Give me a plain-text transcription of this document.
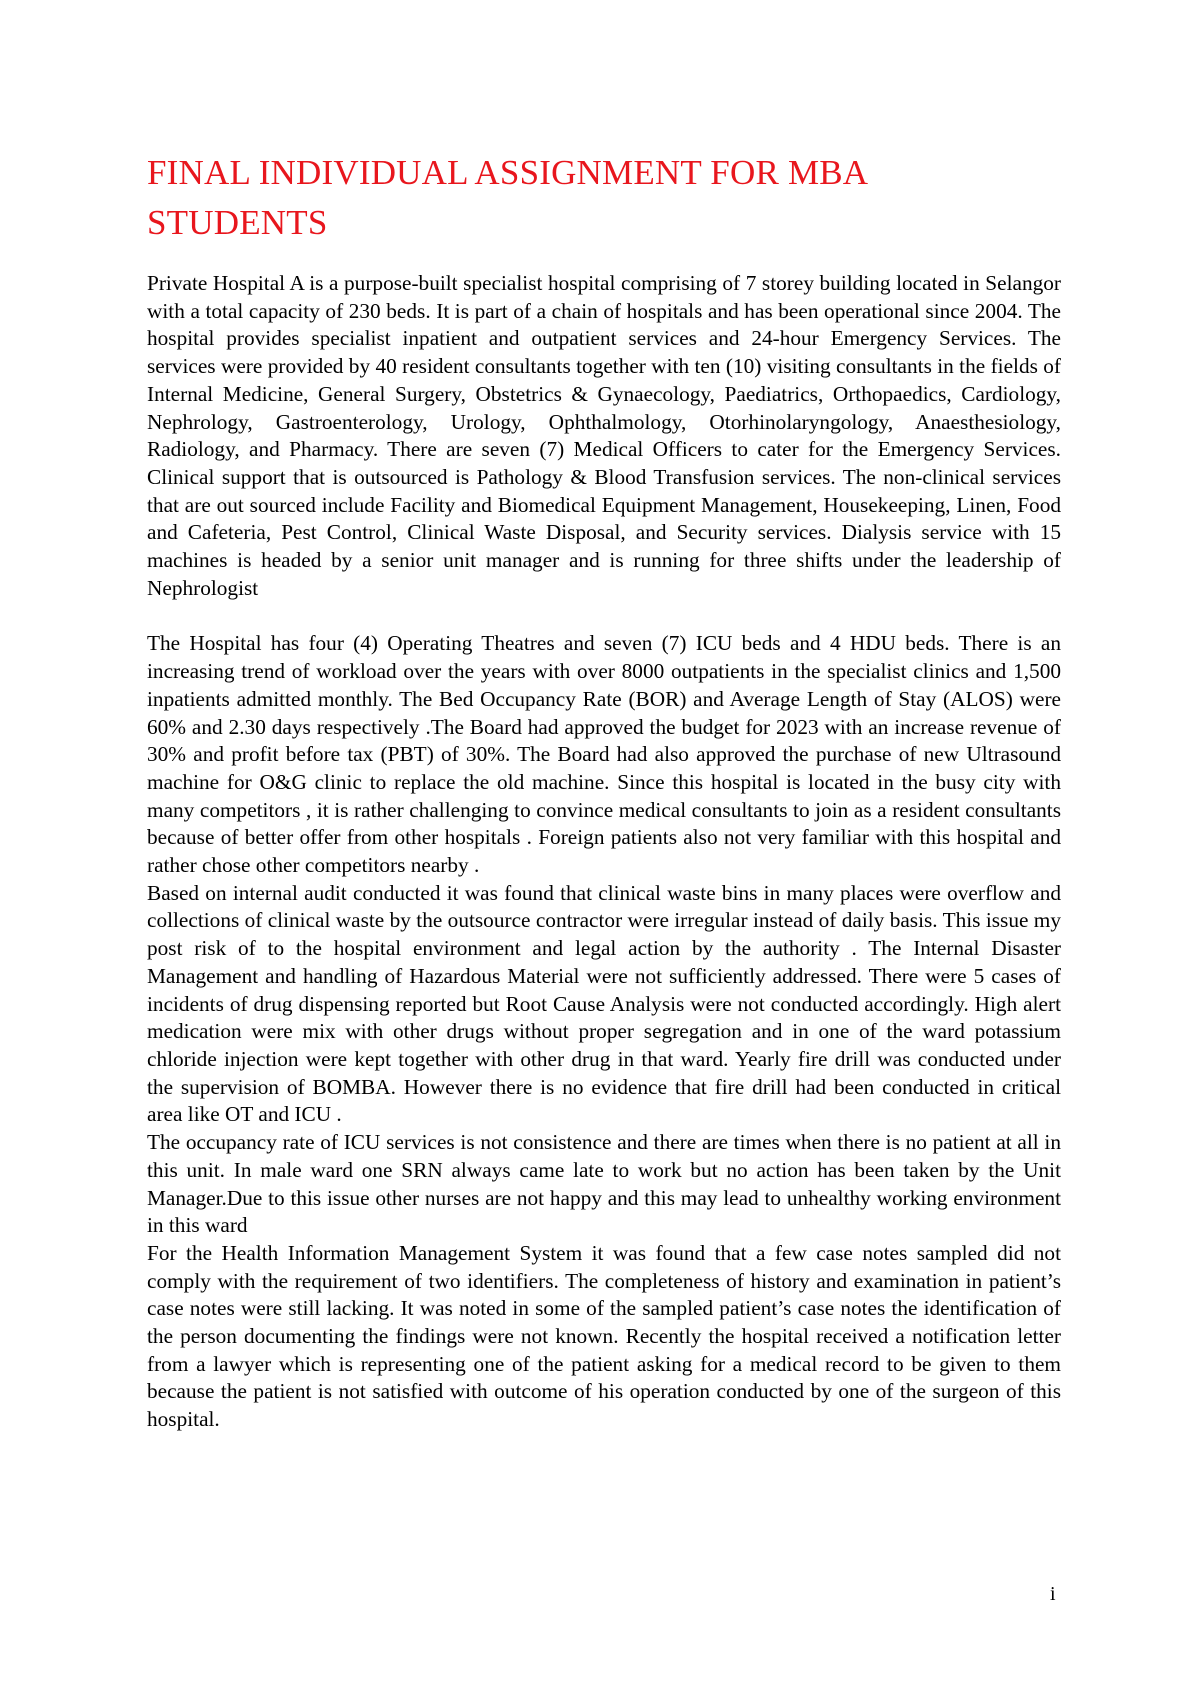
FINAL INDIVIDUAL ASSIGNMENT FOR MBA STUDENTS

Private Hospital A is a purpose-built specialist hospital comprising of 7 storey building located in Selangor with a total capacity of 230 beds. It is part of a chain of hospitals and has been operational since 2004. The hospital provides specialist inpatient and outpatient services and 24-hour Emergency Services. The services were provided by 40 resident consultants together with ten (10) visiting consultants in the fields of Internal Medicine, General Surgery, Obstetrics & Gynaecology, Paediatrics, Orthopaedics, Cardiology, Nephrology, Gastroenterology, Urology, Ophthalmology, Otorhinolaryngology, Anaesthesiology, Radiology, and Pharmacy. There are seven (7) Medical Officers to cater for the Emergency Services. Clinical support that is outsourced is Pathology & Blood Transfusion services. The non-clinical services that are out sourced include Facility and Biomedical Equipment Management, Housekeeping, Linen, Food and Cafeteria, Pest Control, Clinical Waste Disposal, and Security services. Dialysis service with 15 machines is headed by a senior unit manager and is running for three shifts under the leadership of Nephrologist

The Hospital has four (4) Operating Theatres and seven (7) ICU beds and 4 HDU beds. There is an increasing trend of workload over the years with over 8000 outpatients in the specialist clinics and 1,500 inpatients admitted monthly. The Bed Occupancy Rate (BOR) and Average Length of Stay (ALOS) were 60% and 2.30 days respectively .The Board had approved the budget for 2023 with an increase revenue of 30% and profit before tax (PBT) of 30%. The Board had also approved the purchase of new Ultrasound machine for O&G clinic to replace the old machine. Since this hospital is located in the busy city with many competitors , it is rather challenging to convince medical consultants to join as a resident consultants because of better offer from other hospitals . Foreign patients also not very familiar with this hospital and rather chose other competitors nearby .

Based on internal audit conducted it was found that clinical waste bins in many places were overflow and collections of clinical waste by the outsource contractor were irregular instead of daily basis. This issue my post risk of to the hospital environment and legal action by the authority . The Internal Disaster Management and handling of Hazardous Material were not sufficiently addressed. There were 5 cases of incidents of drug dispensing reported but Root Cause Analysis were not conducted accordingly. High alert medication were mix with other drugs without proper segregation and in one of the ward potassium chloride injection were kept together with other drug in that ward. Yearly fire drill was conducted under the supervision of BOMBA. However there is no evidence that fire drill had been conducted in critical area like OT and ICU .

The occupancy rate of ICU services is not consistence and there are times when there is no patient at all in this unit. In male ward one SRN always came late to work but no action has been taken by the Unit Manager.Due to this issue other nurses are not happy and this may lead to unhealthy working environment in this ward

For the Health Information Management System it was found that a few case notes sampled did not comply with the requirement of two identifiers. The completeness of history and examination in patient’s case notes were still lacking. It was noted in some of the sampled patient’s case notes the identification of the person documenting the findings were not known. Recently the hospital received a notification letter from a lawyer which is representing one of the patient asking for a medical record to be given to them because the patient is not satisfied with outcome of his operation conducted by one of the surgeon of this hospital.

i
